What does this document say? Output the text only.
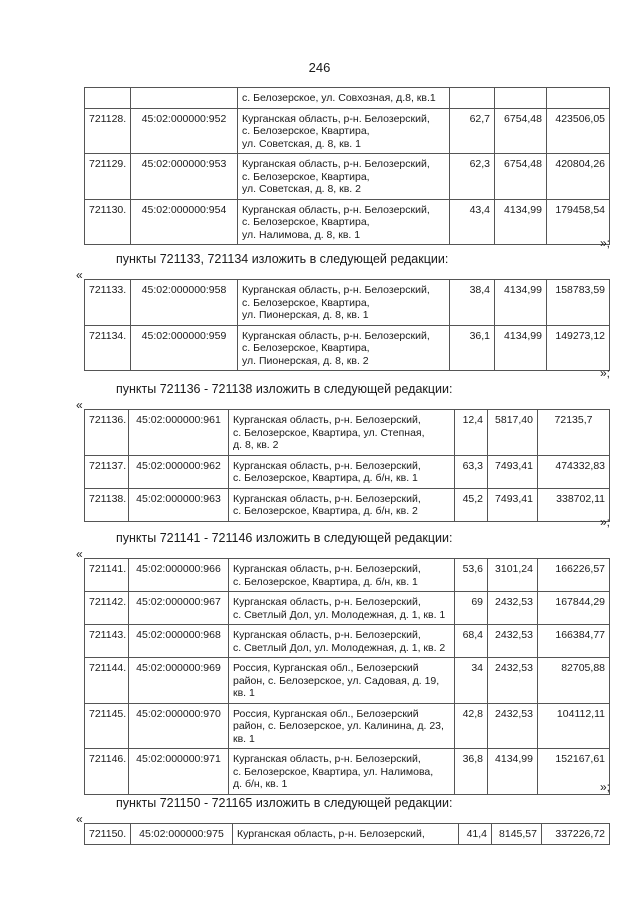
246

		с. Белозерское, ул. Совхозная, д.8, кв.1			

721128.	45:02:000000:952	Курганская область, р-н. Белозерский,
с. Белозерское, Квартира,
ул. Советская, д. 8, кв. 1	62,7	6754,48	423506,05
721129.	45:02:000000:953	Курганская область, р-н. Белозерский,
с. Белозерское, Квартира,
ул. Советская, д. 8, кв. 2	62,3	6754,48	420804,26
721130.	45:02:000000:954	Курганская область, р-н. Белозерский,
с. Белозерское, Квартира,
ул. Налимова, д. 8, кв. 1	43,4	4134,99	179458,54
»;
пункты 721133, 721134 изложить в следующей редакции:
«
721133.	45:02:000000:958	Курганская область, р-н. Белозерский,
с. Белозерское, Квартира,
ул. Пионерская, д. 8, кв. 1	38,4	4134,99	158783,59
721134.	45:02:000000:959	Курганская область, р-н. Белозерский,
с. Белозерское, Квартира,
ул. Пионерская, д. 8, кв. 2	36,1	4134,99	149273,12
»;
пункты 721136 - 721138 изложить в следующей редакции:
«
721136.	45:02:000000:961	Курганская область, р-н. Белозерский,
с. Белозерское, Квартира, ул. Степная,
д. 8, кв. 2	12,4	5817,40	72135,7
721137.	45:02:000000:962	Курганская область, р-н. Белозерский,
с. Белозерское, Квартира, д. б/н, кв. 1	63,3	7493,41	474332,83
721138.	45:02:000000:963	Курганская область, р-н. Белозерский,
с. Белозерское, Квартира, д. б/н, кв. 2	45,2	7493,41	338702,11
»;
пункты 721141 - 721146 изложить в следующей редакции:
«
721141.	45:02:000000:966	Курганская область, р-н. Белозерский,
с. Белозерское, Квартира, д. б/н, кв. 1	53,6	3101,24	166226,57
721142.	45:02:000000:967	Курганская область, р-н. Белозерский,
с. Светлый Дол, ул. Молодежная, д. 1, кв. 1	69	2432,53	167844,29
721143.	45:02:000000:968	Курганская область, р-н. Белозерский,
с. Светлый Дол, ул. Молодежная, д. 1, кв. 2	68,4	2432,53	166384,77
721144.	45:02:000000:969	Россия, Курганская обл., Белозерский
район, с. Белозерское, ул. Садовая, д. 19,
кв. 1	34	2432,53	82705,88
721145.	45:02:000000:970	Россия, Курганская обл., Белозерский
район, с. Белозерское, ул. Калинина, д. 23,
кв. 1	42,8	2432,53	104112,11
721146.	45:02:000000:971	Курганская область, р-н. Белозерский,
с. Белозерское, Квартира, ул. Налимова,
д. б/н, кв. 1	36,8	4134,99	152167,61
»;
пункты 721150 - 721165 изложить в следующей редакции:
«
721150.	45:02:000000:975	Курганская область, р-н. Белозерский,	41,4	8145,57	337226,72
